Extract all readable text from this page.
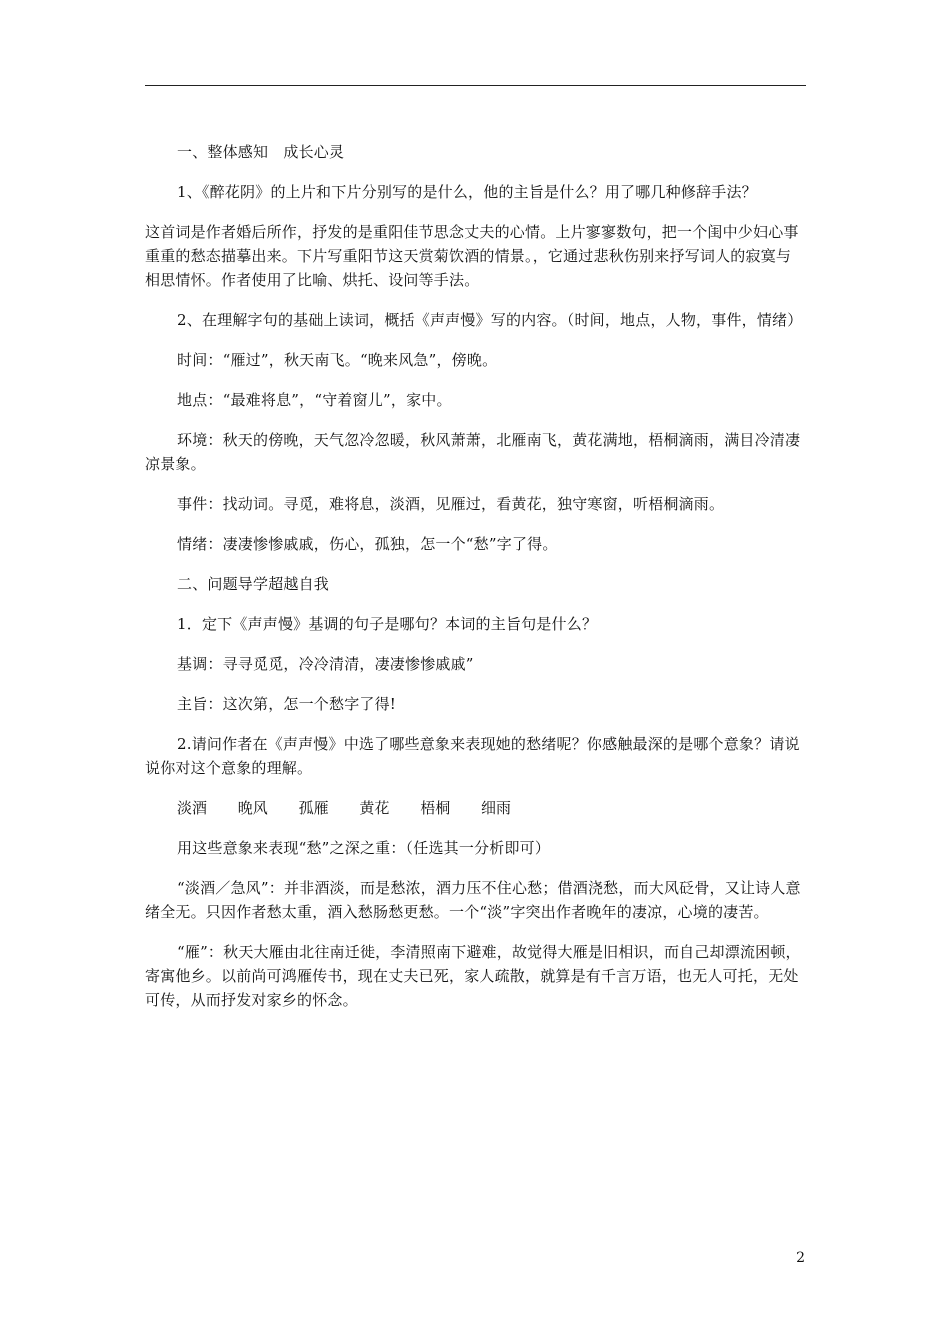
一、整体感知　成长心灵

1、《醉花阴》的上片和下片分别写的是什么，他的主旨是什么？用了哪几种修辞手法？

这首词是作者婚后所作，抒发的是重阳佳节思念丈夫的心情。上片寥寥数句，把一个闺中少妇心事重重的愁态描摹出来。下片写重阳节这天赏菊饮酒的情景。，它通过悲秋伤别来抒写词人的寂寞与相思情怀。作者使用了比喻、烘托、设问等手法。

2、在理解字句的基础上读词，概括《声声慢》写的内容。（时间，地点，人物，事件，情绪）

时间：“雁过”，秋天南飞。“晚来风急”，傍晚。

地点：“最难将息”，“守着窗儿”，家中。

环境：秋天的傍晚，天气忽冷忽暖，秋风萧萧，北雁南飞，黄花满地，梧桐滴雨，满目冷清凄凉景象。

事件：找动词。寻觅，难将息，淡酒，见雁过，看黄花，独守寒窗，听梧桐滴雨。

情绪：凄凄惨惨戚戚，伤心，孤独，怎一个“愁”字了得。

二、问题导学超越自我

1．定下《声声慢》基调的句子是哪句？本词的主旨句是什么？

基调：寻寻觅觅，冷冷清清，凄凄惨惨戚戚”

主旨：这次第，怎一个愁字了得!

2.请问作者在《声声慢》中选了哪些意象来表现她的愁绪呢？你感触最深的是哪个意象？请说说你对这个意象的理解。

淡酒 晚风 孤雁 黄花 梧桐 细雨

用这些意象来表现“愁”之深之重：（任选其一分析即可）

“淡酒／急风”：并非酒淡，而是愁浓，酒力压不住心愁；借酒浇愁，而大风砭骨，又让诗人意绪全无。只因作者愁太重，酒入愁肠愁更愁。一个“淡”字突出作者晚年的凄凉，心境的凄苦。

“雁”：秋天大雁由北往南迁徙，李清照南下避难，故觉得大雁是旧相识，而自己却漂流困顿，寄寓他乡。以前尚可鸿雁传书，现在丈夫已死，家人疏散，就算是有千言万语，也无人可托，无处可传，从而抒发对家乡的怀念。

2
